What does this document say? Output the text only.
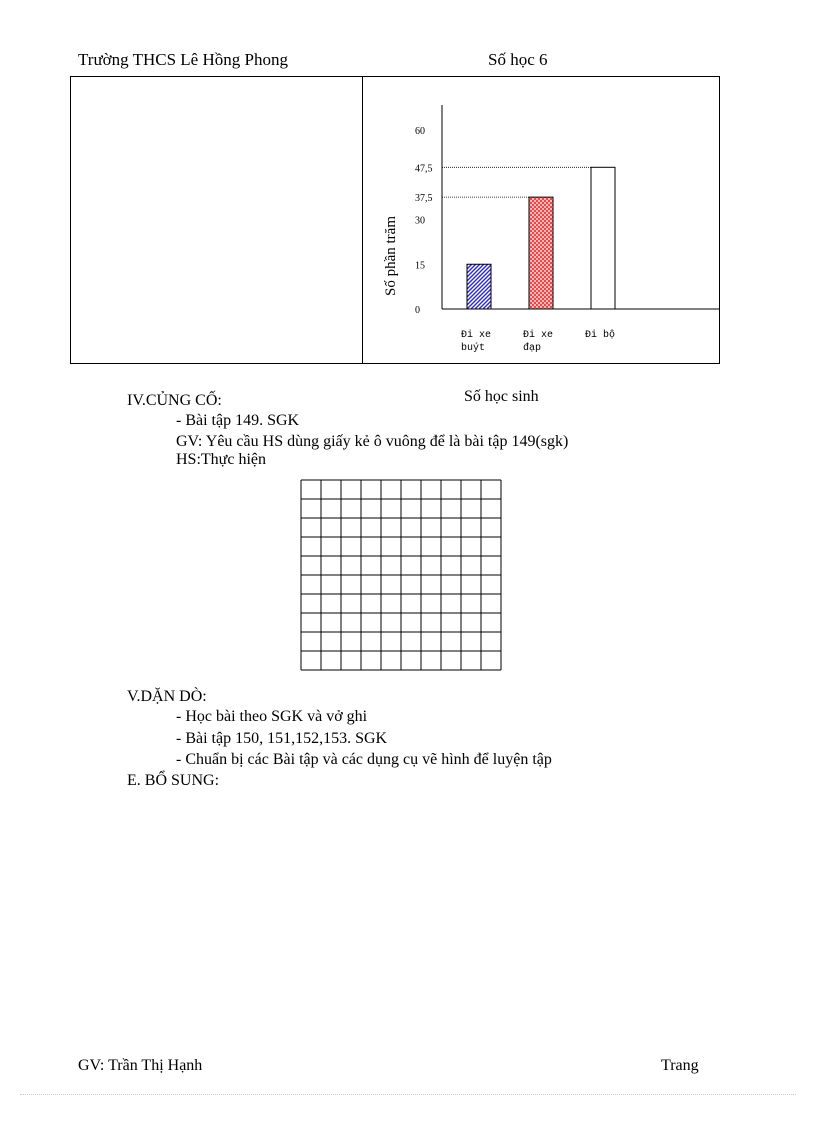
Trường THCS Lê Hồng Phong	Số học 6
0
15
30
37,5
47,5
60
Đi xe
buýt
Đi xe
đạp
Đi bộ
Số phần trăm
Số học sinh
IV.CỦNG CỐ:
- Bài tập 149. SGK
GV: Yêu cầu HS dùng giấy kẻ ô vuông để là bài tập 149(sgk)
HS:Thực hiện
V.DẶN DÒ:
- Học bài theo SGK và vở ghi
- Bài tập 150, 151,152,153. SGK
- Chuẩn bị các Bài tập và các dụng cụ vẽ hình để luyện tập
E. BỔ SUNG:
GV: Trần Thị Hạnh	Trang
